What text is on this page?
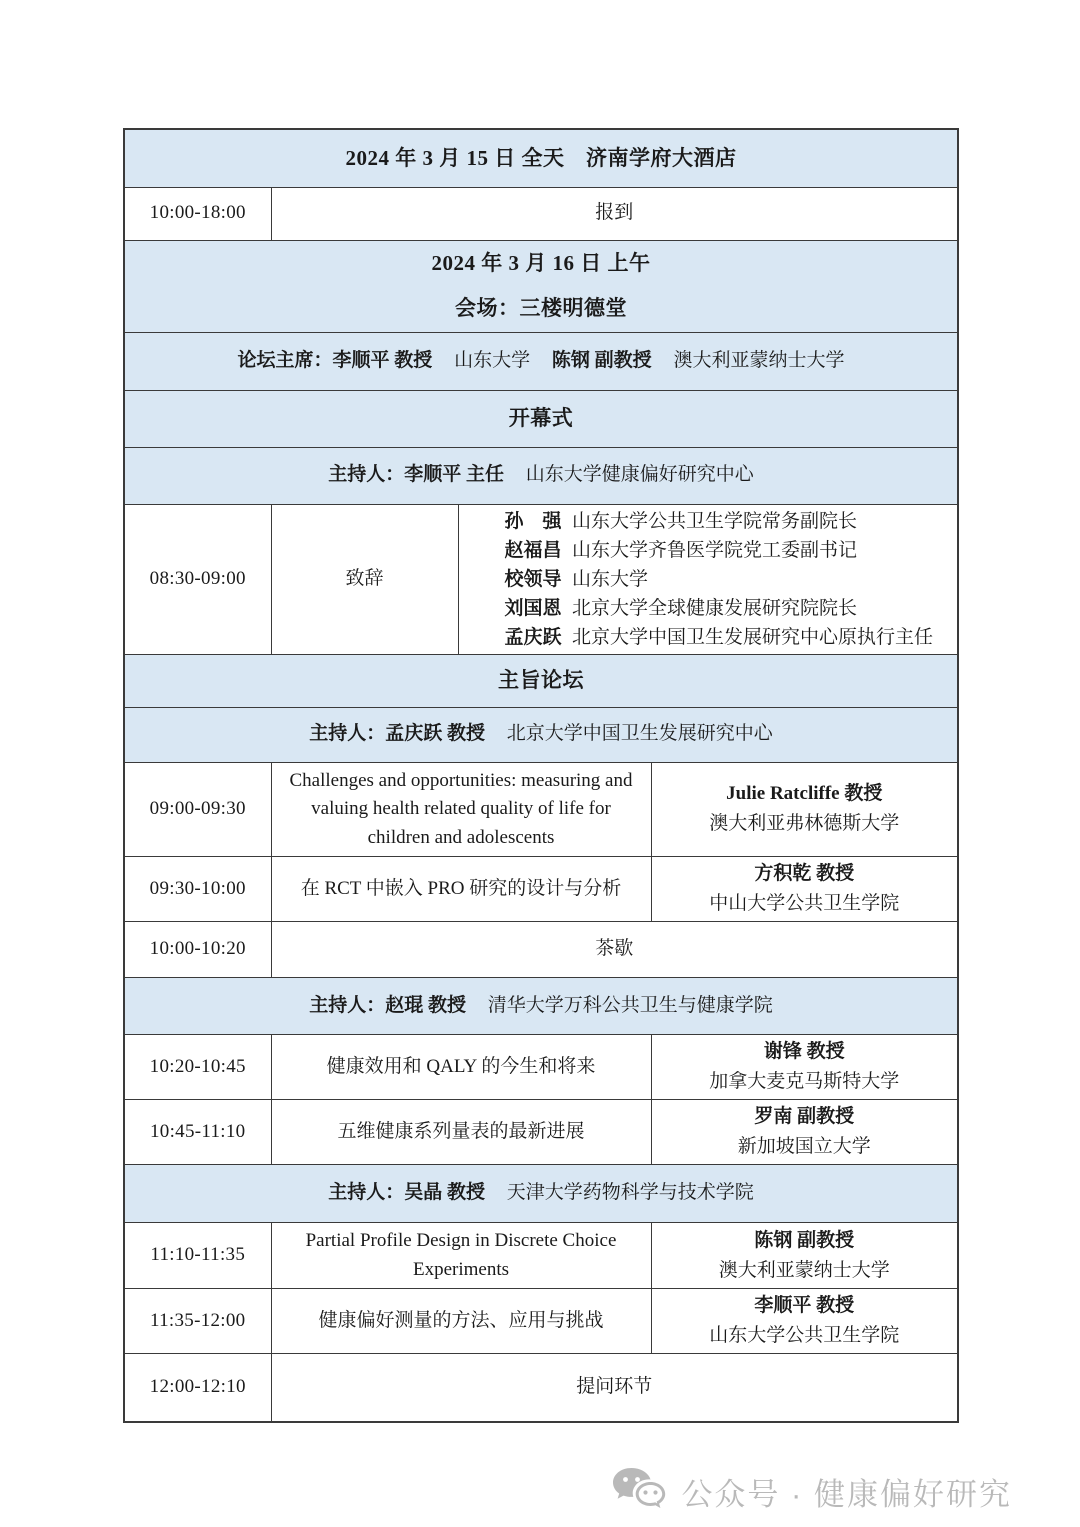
2024 年 3 月 15 日 全天　济南学府大酒店			
10:00-18:00	报到		

2024 年 3 月 16 日 上午
会场：三楼明德堂			

论坛主席：李顺平 教授 山东大学 陈钢 副教授 澳大利亚蒙纳士大学			
开幕式			
主持人：李顺平 主任 山东大学健康偏好研究中心			
08:30-09:00	致辞	孙　强 山东大学公共卫生学院常务副院长
赵福昌 山东大学齐鲁医学院党工委副书记
校领导 山东大学
刘国恩 北京大学全球健康发展研究院院长
孟庆跃 北京大学中国卫生发展研究中心原执行主任	

主旨论坛			
主持人：孟庆跃 教授 北京大学中国卫生发展研究中心			
09:00-09:30	Challenges and opportunities: measuring and valuing health related quality of life for children and adolescents		Julie Ratcliffe 教授
澳大利亚弗林德斯大学

09:30-10:00	在 RCT 中嵌入 PRO 研究的设计与分析		方积乾 教授
中山大学公共卫生学院

10:00-10:20	茶歇		
主持人：赵琨 教授 清华大学万科公共卫生与健康学院			
10:20-10:45	健康效用和 QALY 的今生和将来		谢锋 教授
加拿大麦克马斯特大学

10:45-11:10	五维健康系列量表的最新进展		罗南 副教授
新加坡国立大学

主持人：吴晶 教授 天津大学药物科学与技术学院			
11:10-11:35	Partial Profile Design in Discrete Choice Experiments		陈钢 副教授
澳大利亚蒙纳士大学

11:35-12:00	健康偏好测量的方法、应用与挑战		李顺平 教授
山东大学公共卫生学院

12:00-12:10	提问环节		
公众号 · 健康偏好研究
